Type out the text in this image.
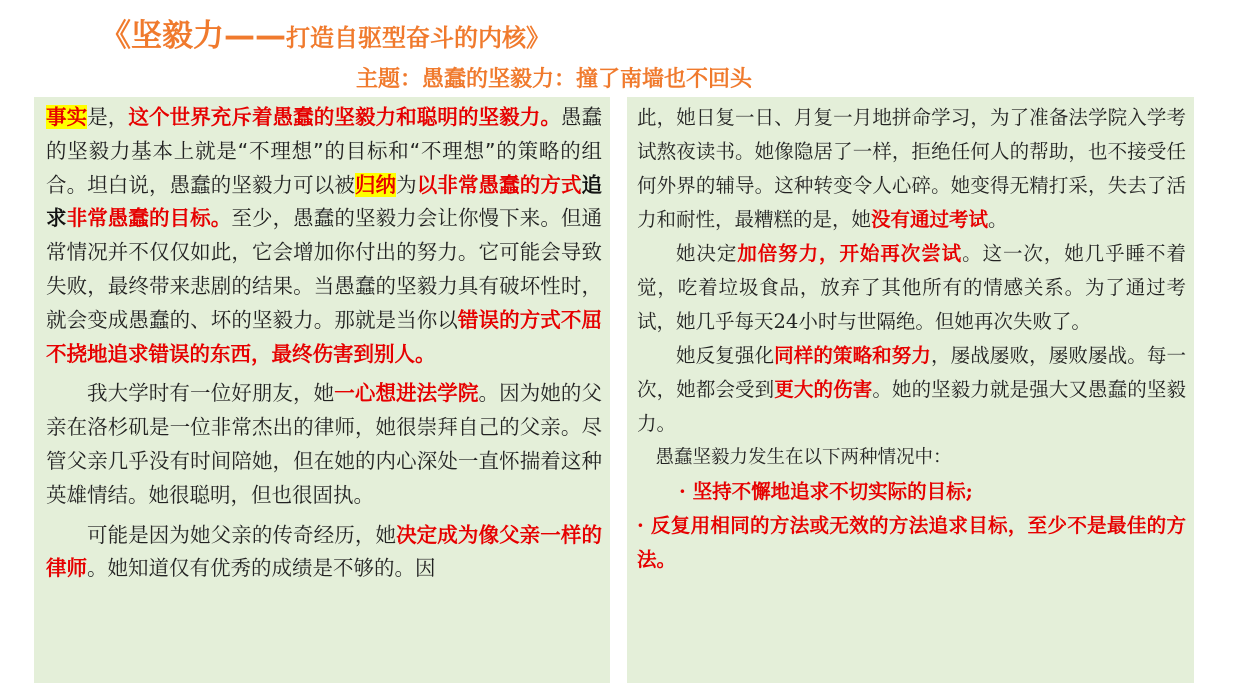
《坚毅力——打造自驱型奋斗的内核》
主题：愚蠢的坚毅力：撞了南墙也不回头

事实是，这个世界充斥着愚蠢的坚毅力和聪明的坚毅力。愚蠢的坚毅力基本上就是“不理想”的目标和“不理想”的策略的组合。坦白说，愚蠢的坚毅力可以被归纳为以非常愚蠢的方式追求非常愚蠢的目标。至少，愚蠢的坚毅力会让你慢下来。但通常情况并不仅仅如此，它会增加你付出的努力。它可能会导致失败，最终带来悲剧的结果。当愚蠢的坚毅力具有破坏性时，就会变成愚蠢的、坏的坚毅力。那就是当你以错误的方式不屈不挠地追求错误的东西，最终伤害到别人。

我大学时有一位好朋友，她一心想进法学院。因为她的父亲在洛杉矶是一位非常杰出的律师，她很崇拜自己的父亲。尽管父亲几乎没有时间陪她，但在她的内心深处一直怀揣着这种英雄情结。她很聪明，但也很固执。

可能是因为她父亲的传奇经历，她决定成为像父亲一样的律师。她知道仅有优秀的成绩是不够的。因

此，她日复一日、月复一月地拼命学习，为了准备法学院入学考试熬夜读书。她像隐居了一样，拒绝任何人的帮助，也不接受任何外界的辅导。这种转变令人心碎。她变得无精打采，失去了活力和耐性，最糟糕的是，她没有通过考试。

她决定加倍努力，开始再次尝试。这一次，她几乎睡不着觉，吃着垃圾食品，放弃了其他所有的情感关系。为了通过考试，她几乎每天24小时与世隔绝。但她再次失败了。

她反复强化同样的策略和努力，屡战屡败，屡败屡战。每一次，她都会受到更大的伤害。她的坚毅力就是强大又愚蠢的坚毅力。

愚蠢坚毅力发生在以下两种情况中：

· 坚持不懈地追求不切实际的目标;

· 反复用相同的方法或无效的方法追求目标，至少不是最佳的方法。
